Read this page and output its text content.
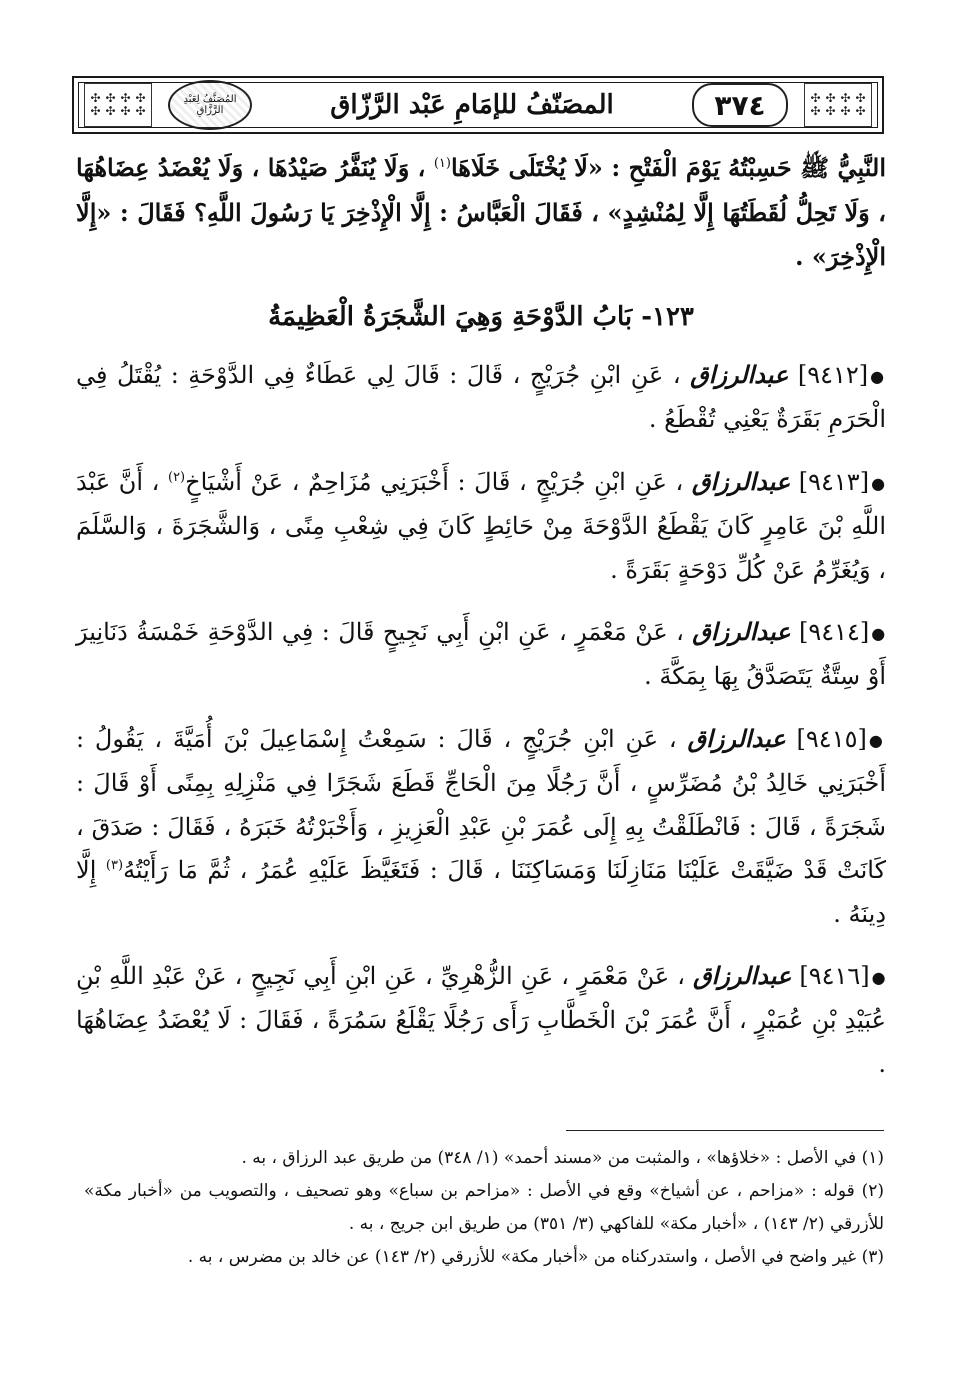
✣ ✣ ✣ ✣
✣ ✣ ✣ ✣
المُصَنَّفُ لِعَبْدِ الرَّزَّاقِ	المصَنّفُ للإمَامِ عَبْد الرَّزّاق	٣٧٤	✣ ✣ ✣ ✣
✣ ✣ ✣ ✣

النَّبِيُّ ﷺ حَسِبْتُهُ يَوْمَ الْفَتْحِ : «لَا يُخْتَلَى خَلَاهَا$^{(١)}$ ، وَلَا يُنَفَّرُ صَيْدُهَا ، وَلَا يُعْضَدُ عِضَاهُهَا ، وَلَا تَحِلُّ لُقَطَتُهَا إِلَّا لِمُنْشِدٍ» ، فَقَالَ الْعَبَّاسُ : إِلَّا الْإِذْخِرَ يَا رَسُولَ اللَّهِ؟ فَقَالَ : «إِلَّا الْإِذْخِرَ» .

١٢٣- بَابُ الدَّوْحَةِ وَهِيَ الشَّجَرَةُ الْعَظِيمَةُ

●[٩٤١٢] عبدالرزاق ، عَنِ ابْنِ جُرَيْجٍ ، قَالَ : قَالَ لِي عَطَاءٌ فِي الدَّوْحَةِ : يُقْتَلُ فِي الْحَرَمِ بَقَرَةٌ يَعْنِي تُقْطَعُ .

●[٩٤١٣] عبدالرزاق ، عَنِ ابْنِ جُرَيْجٍ ، قَالَ : أَخْبَرَنِي مُزَاحِمٌ ، عَنْ أَشْيَاخٍ$^{(٢)}$ ، أَنَّ عَبْدَ اللَّهِ بْنَ عَامِرٍ كَانَ يَقْطَعُ الدَّوْحَةَ مِنْ حَائِطٍ كَانَ فِي شِعْبِ مِنًى ، وَالشَّجَرَةَ ، وَالسَّلَمَ ، وَيُغَرِّمُ عَنْ كُلِّ دَوْحَةٍ بَقَرَةً .

●[٩٤١٤] عبدالرزاق ، عَنْ مَعْمَرٍ ، عَنِ ابْنِ أَبِي نَجِيحٍ قَالَ : فِي الدَّوْحَةِ خَمْسَةُ دَنَانِيرَ أَوْ سِتَّةٌ يَتَصَدَّقُ بِهَا بِمَكَّةَ .

●[٩٤١٥] عبدالرزاق ، عَنِ ابْنِ جُرَيْجٍ ، قَالَ : سَمِعْتُ إِسْمَاعِيلَ بْنَ أُمَيَّةَ ، يَقُولُ : أَخْبَرَنِي خَالِدُ بْنُ مُضَرِّسٍ ، أَنَّ رَجُلًا مِنَ الْحَاجِّ قَطَعَ شَجَرًا فِي مَنْزِلِهِ بِمِنًى أَوْ قَالَ : شَجَرَةً ، قَالَ : فَانْطَلَقْتُ بِهِ إِلَى عُمَرَ بْنِ عَبْدِ الْعَزِيزِ ، وَأَخْبَرْتُهُ خَبَرَهُ ، فَقَالَ : صَدَقَ ، كَانَتْ قَدْ ضَيَّقَتْ عَلَيْنَا مَنَازِلَنَا وَمَسَاكِنَنَا ، قَالَ : فَتَغَيَّظَ عَلَيْهِ عُمَرُ ، ثُمَّ مَا رَأَيْتُهُ$^{(٣)}$ إِلَّا دِينَهُ .

●[٩٤١٦] عبدالرزاق ، عَنْ مَعْمَرٍ ، عَنِ الزُّهْرِيِّ ، عَنِ ابْنِ أَبِي نَجِيحٍ ، عَنْ عَبْدِ اللَّهِ بْنِ عُبَيْدِ بْنِ عُمَيْرٍ ، أَنَّ عُمَرَ بْنَ الْخَطَّابِ رَأَى رَجُلًا يَقْلَعُ سَمُرَةً ، فَقَالَ : لَا يُعْضَدُ عِضَاهُهَا .

(١) في الأصل : «خلاؤها» ، والمثبت من «مسند أحمد» (١/ ٣٤٨) من طريق عبد الرزاق ، به .

(٢) قوله : «مزاحم ، عن أشياخ» وقع في الأصل : «مزاحم بن سباع» وهو تصحيف ، والتصويب من «أخبار مكة» للأزرقي (٢/ ١٤٣) ، «أخبار مكة» للفاكهي (٣/ ٣٥١) من طريق ابن جريج ، به .

(٣) غير واضح في الأصل ، واستدركناه من «أخبار مكة» للأزرقي (٢/ ١٤٣) عن خالد بن مضرس ، به .
